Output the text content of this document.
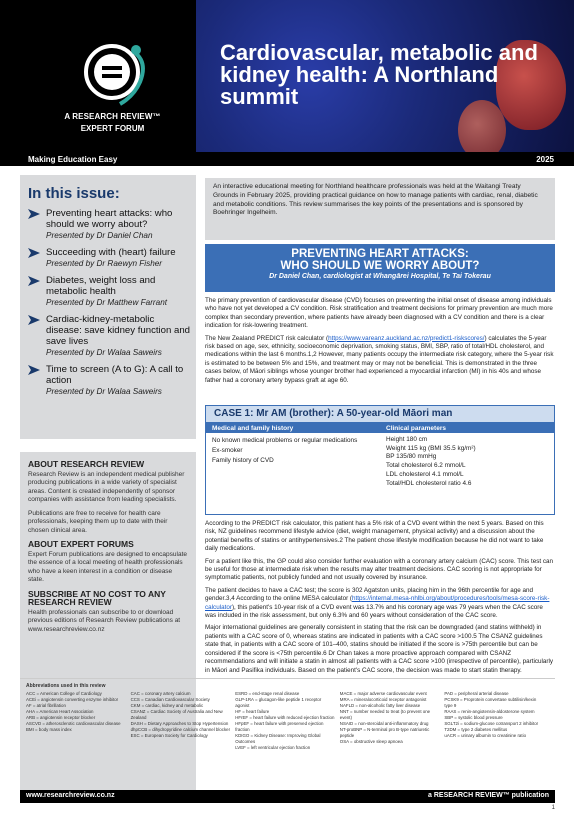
A RESEARCH REVIEW™
EXPERT FORUM
Cardiovascular, metabolic and kidney health: A Northland summit
Making Education Easy	2025
In this issue:
Preventing heart attacks: who should we worry about?
Presented by Dr Daniel Chan
Succeeding with (heart) failure
Presented by Dr Raewyn Fisher
Diabetes, weight loss and metabolic health
Presented by Dr Matthew Farrant
Cardiac-kidney-metabolic disease: save kidney function and save lives
Presented by Dr Walaa Saweirs
Time to screen (A to G): A call to action
Presented by Dr Walaa Saweirs
ABOUT RESEARCH REVIEW

Research Review is an independent medical publisher producing publications in a wide variety of specialist areas. Content is created independently of sponsor companies with assistance from leading specialists.

Publications are free to receive for health care professionals, keeping them up to date with their chosen clinical area.

ABOUT EXPERT FORUMS

Expert Forum publications are designed to encapsulate the essence of a local meeting of health professionals who have a keen interest in a condition or disease state.

SUBSCRIBE AT NO COST TO ANY RESEARCH REVIEW

Health professionals can subscribe to or download previous editions of Research Review publications at www.researchreview.co.nz

An interactive educational meeting for Northland healthcare professionals was held at the Waitangi Treaty Grounds in February 2025, providing practical guidance on how to manage patients with cardiac, renal, diabetic and metabolic conditions. This review summarises the key points of the presentations and is sponsored by Boehringer Ingelheim.
PREVENTING HEART ATTACKS:
WHO SHOULD WE WORRY ABOUT?
Dr Daniel Chan, cardiologist at Whangārei Hospital, Te Tai Tokerau

The primary prevention of cardiovascular disease (CVD) focuses on preventing the initial onset of disease among individuals who have not yet developed a CV condition. Risk stratification and treatment decisions for primary prevention are much more complex than secondary prevention, where patients have already been diagnosed with a CV condition and there is a clear indication for risk-lowering treatment.

The New Zealand PREDICT risk calculator (https://www.vareanz.auckland.ac.nz/predict1-riskscores/) calculates the 5-year risk based on age, sex, ethnicity, socioeconomic deprivation, smoking status, BMI, SBP, ratio of total/HDL cholesterol, and medications within the last 6 months.1,2 However, many patients occupy the intermediate risk category, where the 5-year risk is estimated to be between 5% and 15%, and treatment may or may not be beneficial. This is demonstrated in the three cases below, of Māori siblings whose younger brother had experienced a myocardial infarction (MI) in his 40s and whose father had a coronary artery bypass graft at age 60.

CASE 1: Mr AM (brother): A 50-year-old Māori man
Medical and family history
No known medical problems or regular medications
Ex-smoker
Family history of CVD
Clinical parameters
Height 180 cm
Weight 115 kg (BMI 35.5 kg/m²)
BP 135/80 mmHg
Total cholesterol 6.2 mmol/L
LDL cholesterol 4.1 mmol/L
Total/HDL cholesterol ratio 4.6

According to the PREDICT risk calculator, this patient has a 5% risk of a CVD event within the next 5 years. Based on this risk, NZ guidelines recommend lifestyle advice (diet, weight management, physical activity) and a discussion about the potential benefits of statins or antihypertensives.2 The patient chose lifestyle modification because he did not want to take daily medications.

For a patient like this, the GP could also consider further evaluation with a coronary artery calcium (CAC) score. This test can be useful for those at intermediate risk when the results may alter treatment decisions. CAC scoring is not appropriate for symptomatic patients, not publicly funded and not usually covered by insurance.

The patient decides to have a CAC test; the score is 302 Agatston units, placing him in the 96th percentile for age and gender.3,4 According to the online MESA calculator (https://internal.mesa-nhlbi.org/about/procedures/tools/mesa-score-risk-calculator), this patient's 10-year risk of a CVD event was 13.7% and his coronary age was 79 years when the CAC score was included in the risk assessment, but only 6.3% and 60 years without consideration of the CAC score.

Major international guidelines are generally consistent in stating that the risk can be downgraded (and statins withheld) in patients with a CAC score of 0, whereas statins are indicated in patients with a CAC score >100.5 The CSANZ guidelines state that, in patients with a CAC score of 101–400, statins should be initiated if the score is >75th percentile but can be considered if the score is <75th percentile.6 Dr Chan takes a more proactive approach compared with CSANZ recommendations and will initiate a statin in almost all patients with a CAC score >100 (irrespective of percentile), particularly in Māori and Pasifika individuals. Based on the patient's CAC score, the decision was made to start statin therapy.

Abbreviations used in this review
ACC = American College of Cardiology
ACEi = angiotensin converting enzyme inhibitor
AF = atrial fibrillation
AHA = American Heart Association
ARB = angiotensin receptor blocker
ASCVD = atherosclerotic cardiovascular disease
BMI = body mass index
CAC = coronary artery calcium
CCS = Canadian Cardiovascular Society
CKM = cardiac, kidney and metabolic
CSANZ = Cardiac Society of Australia and New Zealand
DASH = Dietary Approaches to Stop Hypertension
dhpCCB = dihydropyridine calcium channel blocker
ESC = European Society for Cardiology
ESRD = end-stage renal disease
GLP-1RA = glucagon-like peptide 1 receptor agonist
HF = heart failure
HFrEF = heart failure with reduced ejection fraction
HFpEF = heart failure with preserved ejection fraction
KDIGO = Kidney Disease: Improving Global Outcomes
LVEF = left ventricular ejection fraction
MACE = major adverse cardiovascular event
MRA = mineralocorticoid receptor antagonist
NAFLD = non-alcoholic fatty liver disease
NNT = number needed to treat (to prevent one event)
NSAID = non-steroidal anti-inflammatory drug
NT-proBNP = N-terminal pro B-type natriuretic peptide
OSA = obstructive sleep apnoea
PAD = peripheral arterial disease
PCSK9 = Proprotein convertase subtilisin/kexin type 9
RAAS = renin-angiotensin-aldosterone system
SBP = systolic blood pressure
SGLT2i = sodium-glucose cotransport 2 inhibitor
T2DM = type 2 diabetes mellitus
uACR = urinary albumin to creatinine ratio
www.researchreview.co.nz	a RESEARCH REVIEW™ publication
1
